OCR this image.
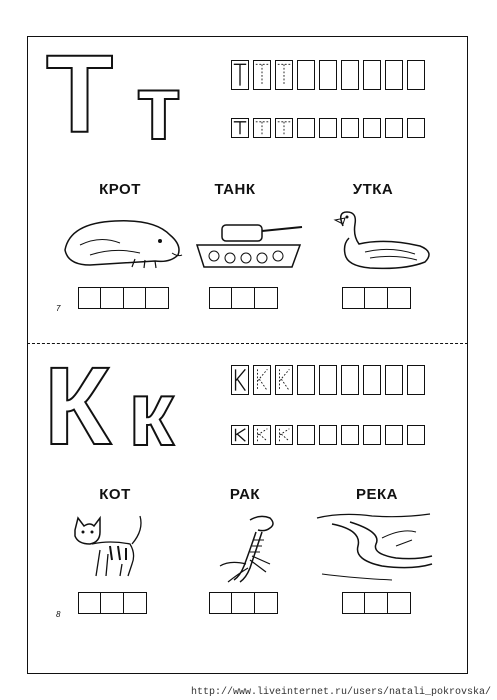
Т т
КРОТ	ТАНК	УТКА
7
К к
КОТ	РАК	РЕКА
8
http://www.liveinternet.ru/users/natali_pokrovska/
